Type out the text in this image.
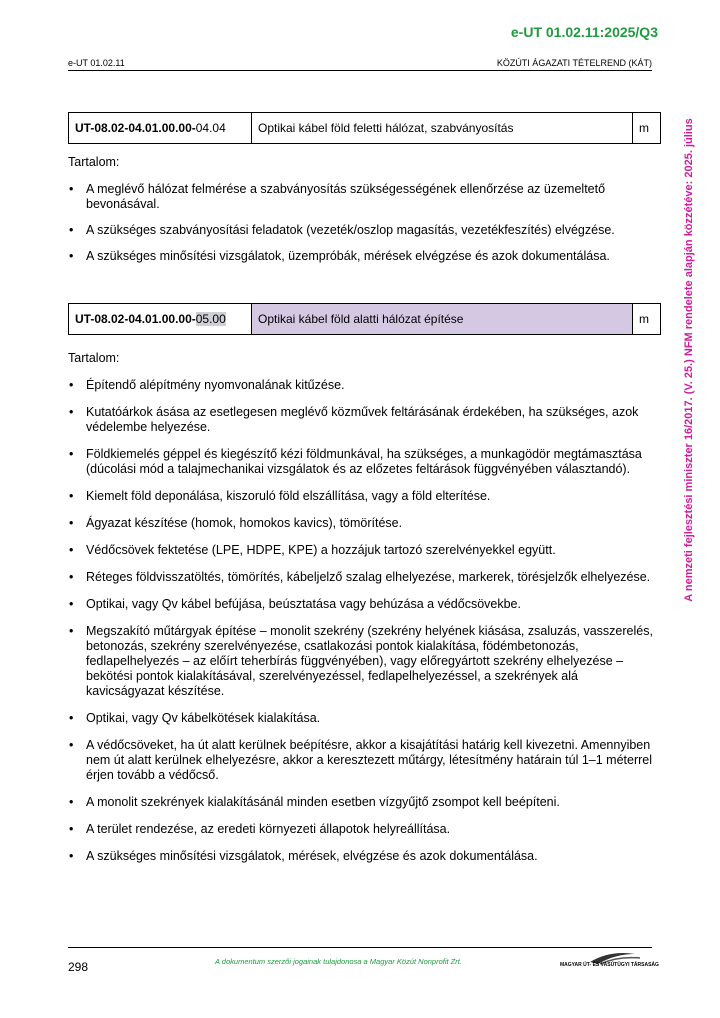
e-UT 01.02.11:2025/Q3
e-UT 01.02.11	KÖZÚTI ÁGAZATI TÉTELREND (KÁT)
A nemzeti fejlesztési miniszter 16/2017. (V. 25.) NFM rendelete alapján közzétéve: 2025. július
UT-08.02-04.01.00.00-04.04	Optikai kábel föld feletti hálózat, szabványosítás	m
Tartalom:
• A meglévő hálózat felmérése a szabványosítás szükségességének ellenőrzése az üzemeltető bevonásával.
• A szükséges szabványosítási feladatok (vezeték/oszlop magasítás, vezetékfeszítés) elvégzése.
• A szükséges minősítési vizsgálatok, üzempróbák, mérések elvégzése és azok dokumentálása.
UT-08.02-04.01.00.00-05.00	Optikai kábel föld alatti hálózat építése	m
Tartalom:
• Építendő alépítmény nyomvonalának kitűzése.
• Kutatóárkok ásása az esetlegesen meglévő közművek feltárásának érdekében, ha szükséges, azok védelembe helyezése.
• Földkiemelés géppel és kiegészítő kézi földmunkával, ha szükséges, a munkagödör megtámasztása (dúcolási mód a talajmechanikai vizsgálatok és az előzetes feltárások függvényében választandó).
• Kiemelt föld deponálása, kiszoruló föld elszállítása, vagy a föld elterítése.
• Ágyazat készítése (homok, homokos kavics), tömörítése.
• Védőcsövek fektetése (LPE, HDPE, KPE) a hozzájuk tartozó szerelvényekkel együtt.
• Réteges földvisszatöltés, tömörítés, kábeljelző szalag elhelyezése, markerek, törésjelzők elhelyezése.
• Optikai, vagy Qv kábel befújása, beúsztatása vagy behúzása a védőcsövekbe.
• Megszakító műtárgyak építése – monolit szekrény (szekrény helyének kiásása, zsaluzás, vasszerelés, betonozás, szekrény szerelvényezése, csatlakozási pontok kialakítása, födémbetonozás, fedlapelhelyezés – az előírt teherbírás függvényében), vagy előregyártott szekrény elhelyezése – bekötési pontok kialakításával, szerelvényezéssel, fedlapelhelyezéssel, a szekrények alá kavicságyazat készítése.
• Optikai, vagy Qv kábelkötések kialakítása.
• A védőcsöveket, ha út alatt kerülnek beépítésre, akkor a kisajátítási határig kell kivezetni. Amennyiben nem út alatt kerülnek elhelyezésre, akkor a keresztezett műtárgy, létesítmény határain túl 1–1 méterrel érjen tovább a védőcső.
• A monolit szekrények kialakításánál minden esetben vízgyűjtő zsompot kell beépíteni.
• A terület rendezése, az eredeti környezeti állapotok helyreállítása.
• A szükséges minősítési vizsgálatok, mérések, elvégzése és azok dokumentálása.
298	A dokumentum szerzői jogainak tulajdonosa a Magyar Közút Nonprofit Zrt.	MAGYAR ÚT- ÉS VASÚTÜGYI TÁRSASÁG
